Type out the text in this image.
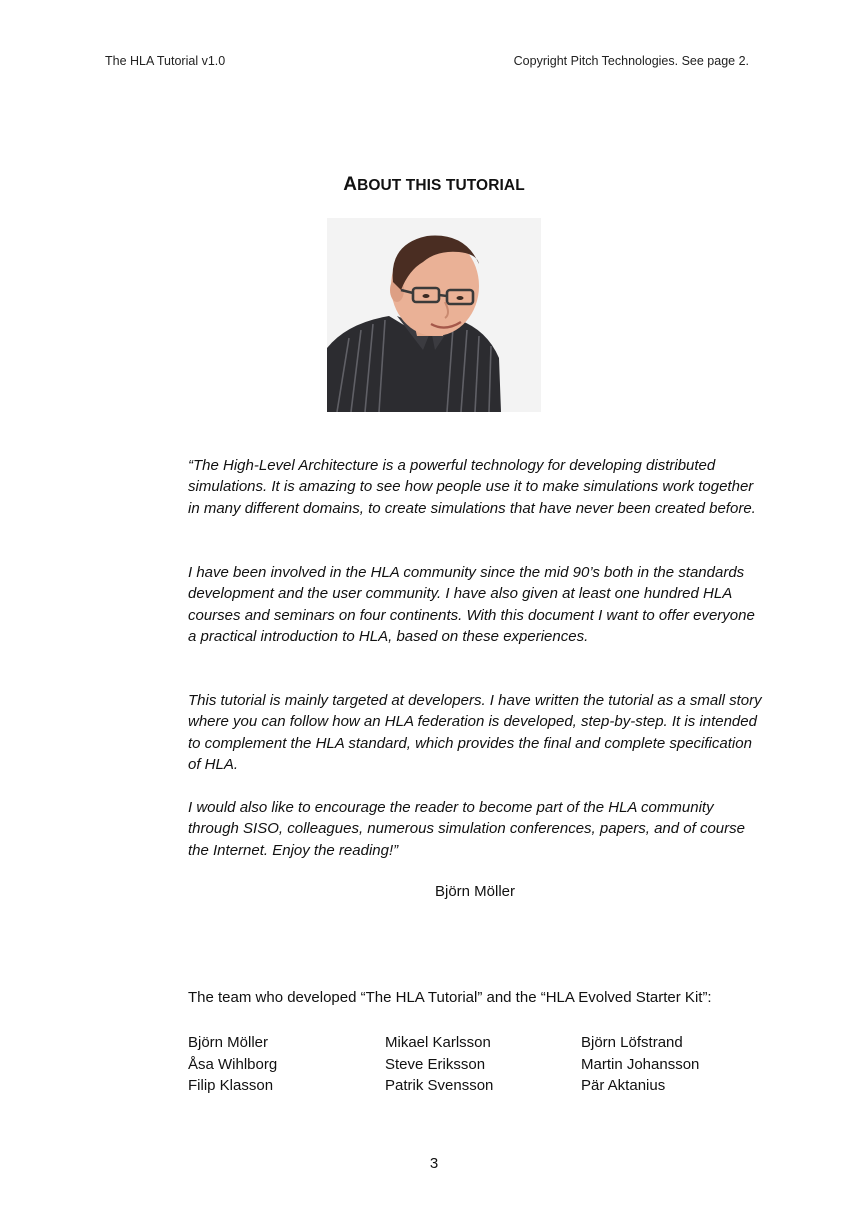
The HLA Tutorial v1.0	Copyright Pitch Technologies. See page 2.
ABOUT THIS TUTORIAL

“The High-Level Architecture is a powerful technology for developing distributed simulations. It is amazing to see how people use it to make simulations work together in many different domains, to create simulations that have never been created before.

I have been involved in the HLA community since the mid 90’s both in the standards development and the user community. I have also given at least one hundred HLA courses and seminars on four continents. With this document I want to offer everyone a practical introduction to HLA, based on these experiences.

This tutorial is mainly targeted at developers. I have written the tutorial as a small story where you can follow how an HLA federation is developed, step-by-step. It is intended to complement the HLA standard, which provides the final and complete specification of HLA.

I would also like to encourage the reader to become part of the HLA community through SISO, colleagues, numerous simulation conferences, papers, and of course the Internet. Enjoy the reading!”

Björn Möller

The team who developed “The HLA Tutorial” and the “HLA Evolved Starter Kit”:

Björn Möller
Åsa Wihlborg
Filip Klasson
Mikael Karlsson
Steve Eriksson
Patrik Svensson
Björn Löfstrand
Martin Johansson
Pär Aktanius
3
